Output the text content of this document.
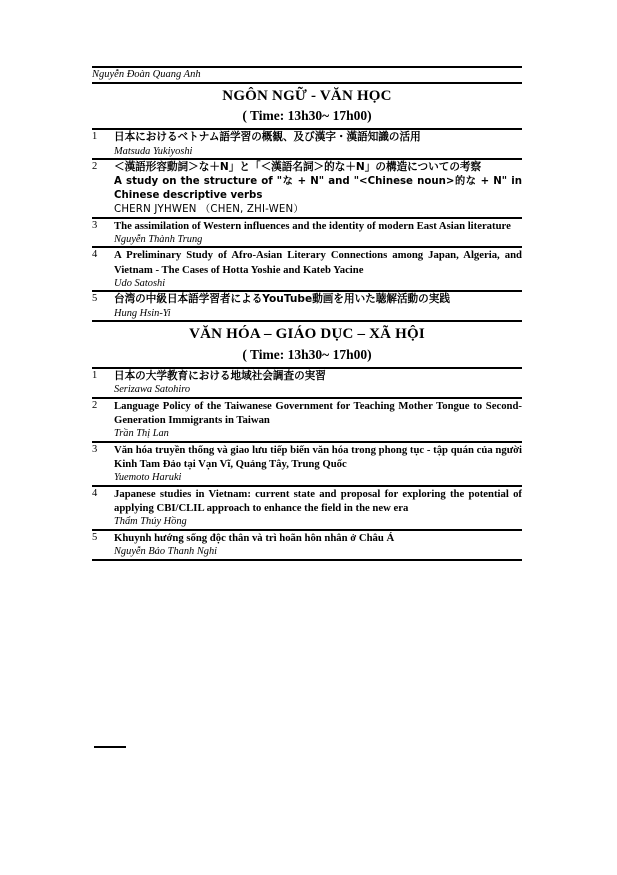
Nguyễn Đoàn Quang Anh	

NGÔN NGỮ - VĂN HỌC
( Time: 13h30~ 17h00)	

1	日本におけるベトナム語学習の概観、及び漢字・漢語知識の活用
Matsuda Yukiyoshi

2	＜漢語形容動詞＞な＋N」と「＜漢語名詞＞的な＋N」の構造についての考察
A study on the structure of "な + N" and "<Chinese noun>的な + N" in Chinese descriptive verbs
CHERN JYHWEN （CHEN, ZHI-WEN）

3	The assimilation of Western influences and the identity of modern East Asian literature
Nguyễn Thành Trung

4	A Preliminary Study of Afro-Asian Literary Connections among Japan, Algeria, and Vietnam - The Cases of Hotta Yoshie and Kateb Yacine
Udo Satoshi

5	台湾の中級日本語学習者によるYouTube動画を用いた聴解活動の実践
Hung Hsin-Yi

VĂN HÓA – GIÁO DỤC – XÃ HỘI
( Time: 13h30~ 17h00)	

1	日本の大学教育における地域社会調査の実習
Serizawa Satohiro

2	Language Policy of the Taiwanese Government for Teaching Mother Tongue to Second-Generation Immigrants in Taiwan
Trần Thị Lan

3	Văn hóa truyền thống và giao lưu tiếp biến văn hóa trong phong tục - tập quán của người Kinh Tam Đảo tại Vạn Vĩ, Quảng Tây, Trung Quốc
Yuemoto Haruki

4	Japanese studies in Vietnam: current state and proposal for exploring the potential of applying CBI/CLIL approach to enhance the field in the new era
Thẩm Thúy Hồng

5	Khuynh hướng sống độc thân và trì hoãn hôn nhân ở Châu Á
Nguyễn Bảo Thanh Nghi
